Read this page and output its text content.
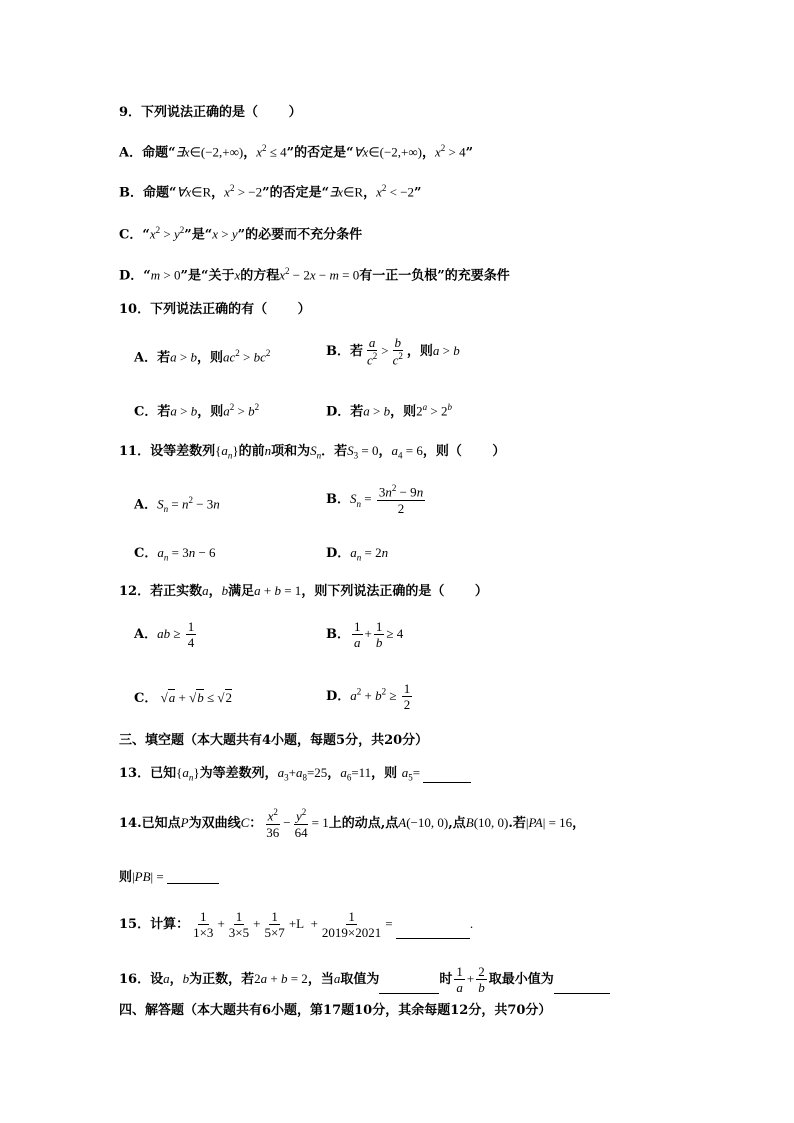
9．下列说法正确的是（　　 ）
A．命题“∃x∈(−2,+∞)，$x^2 \le 4$”的否定是“∀x∈(−2,+∞)，$x^2 > 4$”
B．命题“∀x∈R，$x^2 > -2$”的否定是“∃x∈R，$x^2 < -2$”
C．“$x^2 > y^2$”是“x > y”的必要而不充分条件
D．“m > 0”是“关于x的方程$x^2 - 2x - m = 0$有一正一负根”的充要条件
10．下列说法正确的有（　　 ）
A．若a > b，则$ac^2 > bc^2$	B．若 $\frac{a}{c^2} > \frac{b}{c^2}$ ，则a > b
C．若a > b，则$a^2 > b^2$	D．若a > b，则$2^a > 2^b$
11．设等差数列$\{a_n\}$的前n项和为$S_n$．若$S_3 = 0$，$a_4 = 6$，则（　　 ）
A．$S_n = n^2 - 3n$	B．$S_n = \frac{3n^2 - 9n}{2}$
C．$a_n = 3n - 6$	D．$a_n = 2n$
12．若正实数a，b满足a + b = 1，则下列说法正确的是（　　 ）
A．ab ≥ $\frac{1}{4}$	B． $\frac{1}{a} + \frac{1}{b} \ge 4$
C． √a + √b ≤ √2	D．$a^2 + b^2 \ge \frac{1}{2}$
三、填空题（本大题共有4小题，每题5分，共20分）
13．已知$\{a_n\}$为等差数列，$a_3+a_8=25$，$a_6=11$，则 $a_5=$
14.已知点P为双曲线C： $\frac{x^2}{36} - \frac{y^2}{64} = 1$上的动点,点A(−10, 0),点B(10, 0).若|PA| = 16，
则|PB| =
15．计算： $\frac{1}{1\times 3} + \frac{1}{3\times 5} + \frac{1}{5\times 7} +L + \frac{1}{2019\times 2021}$ =	.
16．设a，b为正数，若2a + b = 2，当a取值为	时 $\frac{1}{a} + \frac{2}{b}$ 取最小值为
四、解答题（本大题共有6小题，第17题10分，其余每题12分，共70分）
